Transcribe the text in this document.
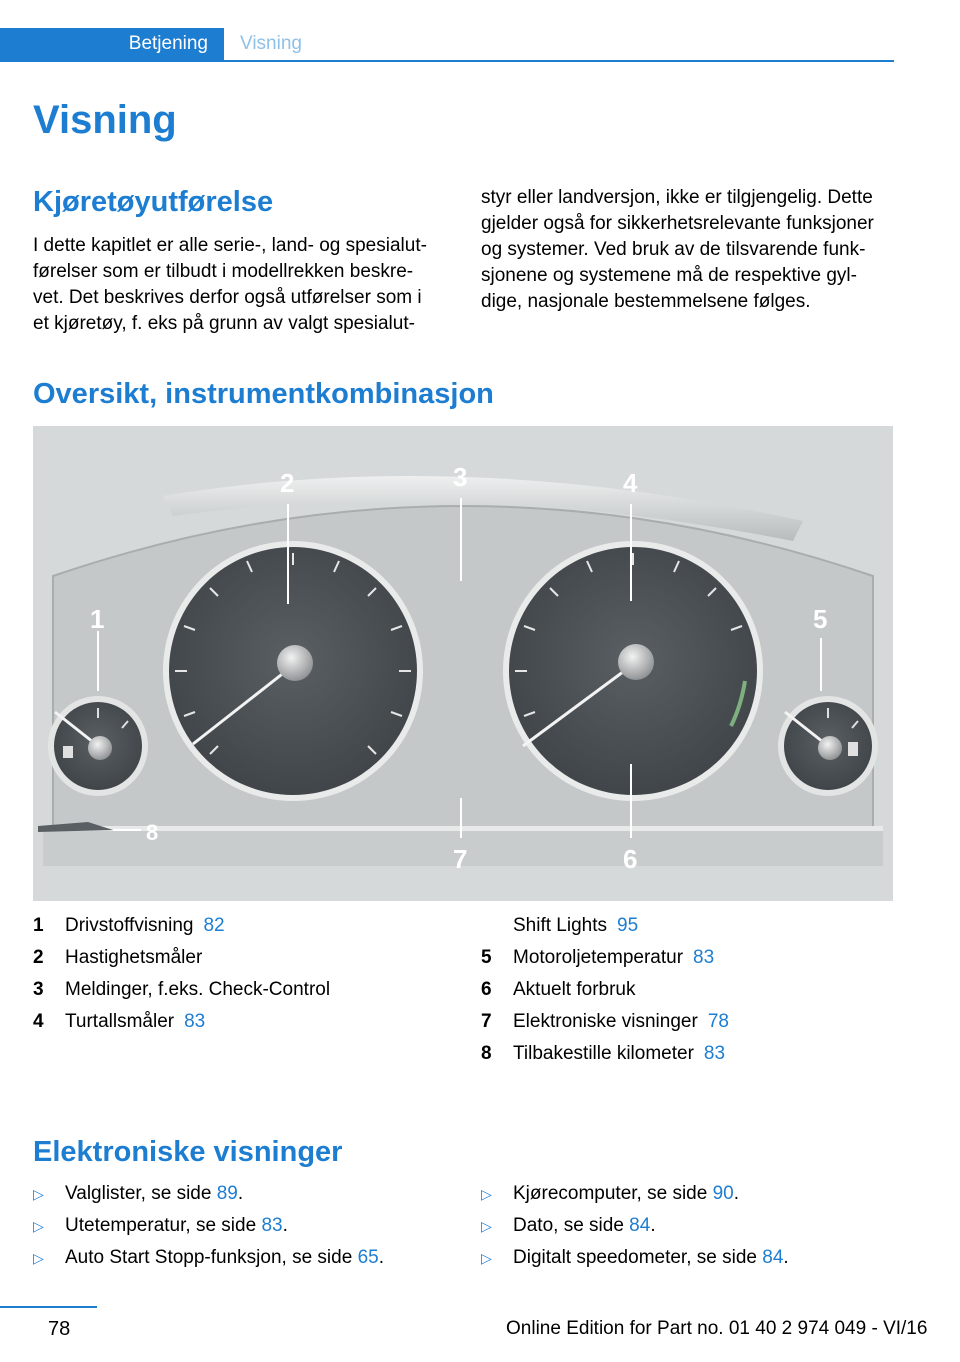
Betjening	Visning
Visning
Kjøretøyutførelse
I dette kapitlet er alle serie-, land- og spesialut-
førelser som er tilbudt i modellrekken beskre-
vet. Det beskrives derfor også utførelser som i
et kjøretøy, f. eks på grunn av valgt spesialut-
styr eller landversjon, ikke er tilgjengelig. Dette
gjelder også for sikkerhetsrelevante funksjoner
og systemer. Ved bruk av de tilsvarende funk-
sjonene og systemene må de respektive gyl-
dige, nasjonale bestemmelsene følges.
Oversikt, instrumentkombinasjon
1
2	3	4
5
6
7
8
1 Drivstoffvisning 82
2 Hastighetsmåler
3 Meldinger, f.eks. Check-Control
4 Turtallsmåler 83
Shift Lights 95
5 Motoroljetemperatur 83
6 Aktuelt forbruk
7 Elektroniske visninger 78
8 Tilbakestille kilometer 83
Elektroniske visninger
▷ Valglister, se side 89.
▷ Utetemperatur, se side 83.
▷ Auto Start Stopp-funksjon, se side 65.
▷ Kjørecomputer, se side 90.
▷ Dato, se side 84.
▷ Digitalt speedometer, se side 84.
78	Online Edition for Part no. 01 40 2 974 049 - VI/16
